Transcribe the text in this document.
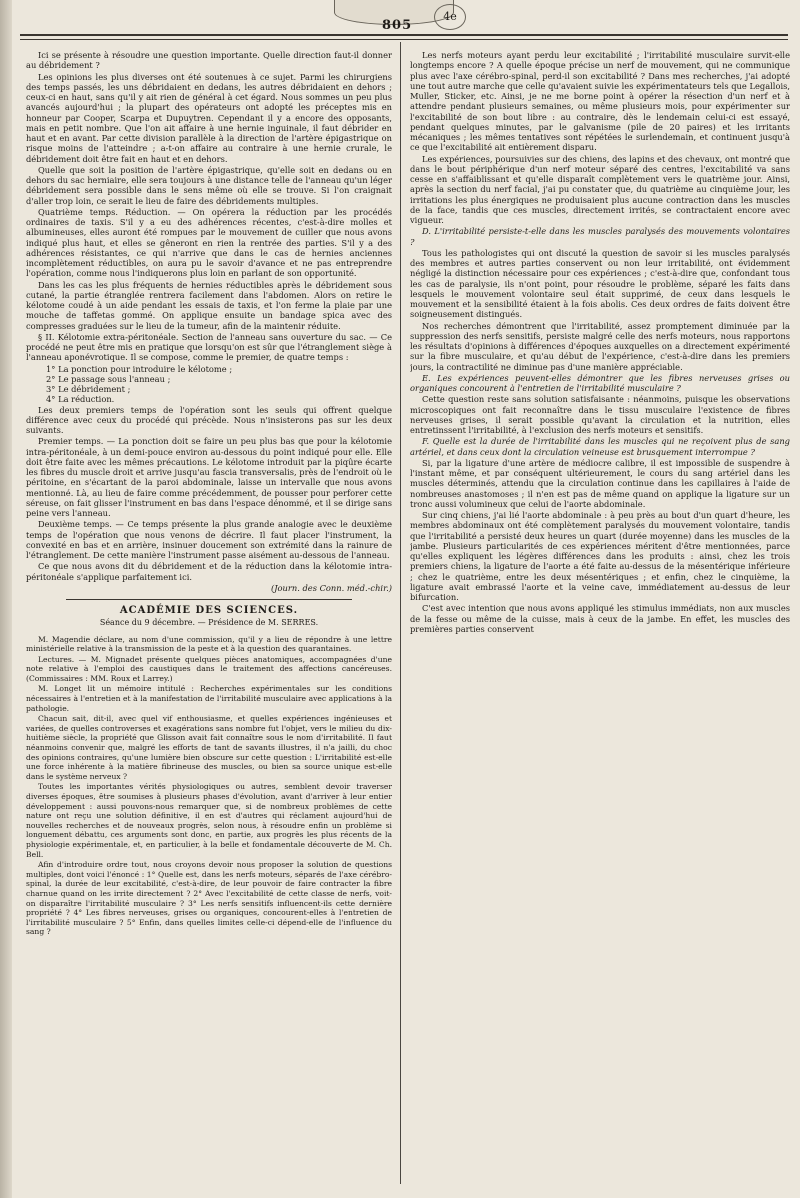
805
4e

Ici se présente à résoudre une question importante. Quelle direction faut-il donner au débridement ?

Les opinions les plus diverses ont été soutenues à ce sujet. Parmi les chirurgiens des temps passés, les uns débridaient en dedans, les autres débridaient en dehors ; ceux-ci en haut, sans qu'il y ait rien de général à cet égard. Nous sommes un peu plus avancés aujourd'hui ; la plupart des opérateurs ont adopté les préceptes mis en honneur par Cooper, Scarpa et Dupuytren. Cependant il y a encore des opposants, mais en petit nombre. Que l'on ait affaire à une hernie inguinale, il faut débrider en haut et en avant. Par cette division parallèle à la direction de l'artère épigastrique on risque moins de l'atteindre ; a-t-on affaire au contraire à une hernie crurale, le débridement doit être fait en haut et en dehors.

Quelle que soit la position de l'artère épigastrique, qu'elle soit en dedans ou en dehors du sac herniaire, elle sera toujours à une distance telle de l'anneau qu'un léger débridement sera possible dans le sens même où elle se trouve. Si l'on craignait d'aller trop loin, ce serait le lieu de faire des débridements multiples.

Quatrième temps. Réduction. — On opérera la réduction par les procédés ordinaires de taxis. S'il y a eu des adhérences récentes, c'est-à-dire molles et albumineuses, elles auront été rompues par le mouvement de cuiller que nous avons indiqué plus haut, et elles se gêneront en rien la rentrée des parties. S'il y a des adhérences résistantes, ce qui n'arrive que dans le cas de hernies anciennes incomplètement réductibles, on aura pu le savoir d'avance et ne pas entreprendre l'opération, comme nous l'indiquerons plus loin en parlant de son opportunité.

Dans les cas les plus fréquents de hernies réductibles après le débridement sous cutané, la partie étranglée rentrera facilement dans l'abdomen. Alors on retire le kélotome coudé à un aide pendant les essais de taxis, et l'on ferme la plaie par une mouche de taffetas gommé. On applique ensuite un bandage spica avec des compresses graduées sur le lieu de la tumeur, afin de la maintenir réduite.

§ II. Kélotomie extra-péritonéale. Section de l'anneau sans ouverture du sac. — Ce procédé ne peut être mis en pratique que lorsqu'on est sûr que l'étranglement siège à l'anneau aponévrotique. Il se compose, comme le premier, de quatre temps :

1° La ponction pour introduire le kélotome ;

2° Le passage sous l'anneau ;

3° Le débridement ;

4° La réduction.

Les deux premiers temps de l'opération sont les seuls qui offrent quelque différence avec ceux du procédé qui précède. Nous n'insisterons pas sur les deux suivants.

Premier temps. — La ponction doit se faire un peu plus bas que pour la kélotomie intra-péritonéale, à un demi-pouce environ au-dessous du point indiqué pour elle. Elle doit être faite avec les mêmes précautions. Le kélotome introduit par la piqûre écarte les fibres du muscle droit et arrive jusqu'au fascia transversalis, près de l'endroit où le péritoine, en s'écartant de la paroi abdominale, laisse un intervalle que nous avons mentionné. Là, au lieu de faire comme précédemment, de pousser pour perforer cette séreuse, on fait glisser l'instrument en bas dans l'espace dénommé, et il se dirige sans peine vers l'anneau.

Deuxième temps. — Ce temps présente la plus grande analogie avec le deuxième temps de l'opération que nous venons de décrire. Il faut placer l'instrument, la convexité en bas et en arrière, insinuer doucement son extrémité dans la rainure de l'étranglement. De cette manière l'instrument passe aisément au-dessous de l'anneau.

Ce que nous avons dit du débridement et de la réduction dans la kélotomie intra-péritonéale s'applique parfaitement ici.

(Journ. des Conn. méd.-chir.)

ACADÉMIE DES SCIENCES.
Séance du 9 décembre. — Présidence de M. SERRES.

M. Magendie déclare, au nom d'une commission, qu'il y a lieu de répondre à une lettre ministérielle relative à la transmission de la peste et à la question des quarantaines.

Lectures. — M. Mignadet présente quelques pièces anatomiques, accompagnées d'une note relative à l'emploi des caustiques dans le traitement des affections cancéreuses. (Commissaires : MM. Roux et Larrey.)

M. Longet lit un mémoire intitulé : Recherches expérimentales sur les conditions nécessaires à l'entretien et à la manifestation de l'irritabilité musculaire avec applications à la pathologie.

Chacun sait, dit-il, avec quel vif enthousiasme, et quelles expériences ingénieuses et variées, de quelles controverses et exagérations sans nombre fut l'objet, vers le milieu du dix-huitième siècle, la propriété que Glisson avait fait connaître sous le nom d'irritabilité. Il faut néanmoins convenir que, malgré les efforts de tant de savants illustres, il n'a jailli, du choc des opinions contraires, qu'une lumière bien obscure sur cette question : L'irritabilité est-elle une force inhérente à la matière fibrineuse des muscles, ou bien sa source unique est-elle dans le système nerveux ?

Toutes les importantes vérités physiologiques ou autres, semblent devoir traverser diverses époques, être soumises à plusieurs phases d'évolution, avant d'arriver à leur entier développement : aussi pouvons-nous remarquer que, si de nombreux problèmes de cette nature ont reçu une solution définitive, il en est d'autres qui réclament aujourd'hui de nouvelles recherches et de nouveaux progrès, selon nous, à résoudre enfin un problème si longuement débattu, ces arguments sont donc, en partie, aux progrès les plus récents de la physiologie expérimentale, et, en particulier, à la belle et fondamentale découverte de M. Ch. Bell.

Afin d'introduire ordre tout, nous croyons devoir nous proposer la solution de questions multiples, dont voici l'énoncé : 1° Quelle est, dans les nerfs moteurs, séparés de l'axe cérébro-spinal, la durée de leur excitabilité, c'est-à-dire, de leur pouvoir de faire contracter la fibre charnue quand on les irrite directement ? 2° Avec l'excitabilité de cette classe de nerfs, voit-on disparaître l'irritabilité musculaire ? 3° Les nerfs sensitifs influencent-ils cette dernière propriété ? 4° Les fibres nerveuses, grises ou organiques, concourent-elles à l'entretien de l'irritabilité musculaire ? 5° Enfin, dans quelles limites celle-ci dépend-elle de l'influence du sang ?

Les nerfs moteurs ayant perdu leur excitabilité ; l'irritabilité musculaire survit-elle longtemps encore ? A quelle époque précise un nerf de mouvement, qui ne communique plus avec l'axe cérébro-spinal, perd-il son excitabilité ? Dans mes recherches, j'ai adopté une tout autre marche que celle qu'avaient suivie les expérimentateurs tels que Legallois, Muller, Sticker, etc. Ainsi, je ne me borne point à opérer la résection d'un nerf et à attendre pendant plusieurs semaines, ou même plusieurs mois, pour expérimenter sur l'excitabilité de son bout libre : au contraire, dès le lendemain celui-ci est essayé, pendant quelques minutes, par le galvanisme (pile de 20 paires) et les irritants mécaniques ; les mêmes tentatives sont répétées le surlendemain, et continuent jusqu'à ce que l'excitabilité ait entièrement disparu.

Les expériences, poursuivies sur des chiens, des lapins et des chevaux, ont montré que dans le bout périphérique d'un nerf moteur séparé des centres, l'excitabilité va sans cesse en s'affaiblissant et qu'elle disparaît complètement vers le quatrième jour. Ainsi, après la section du nerf facial, j'ai pu constater que, du quatrième au cinquième jour, les irritations les plus énergiques ne produisaient plus aucune contraction dans les muscles de la face, tandis que ces muscles, directement irrités, se contractaient encore avec vigueur.

D. L'irritabilité persiste-t-elle dans les muscles paralysés des mouvements volontaires ?

Tous les pathologistes qui ont discuté la question de savoir si les muscles paralysés des membres et autres parties conservent ou non leur irritabilité, ont évidemment négligé la distinction nécessaire pour ces expériences ; c'est-à-dire que, confondant tous les cas de paralysie, ils n'ont point, pour résoudre le problème, séparé les faits dans lesquels le mouvement volontaire seul était supprimé, de ceux dans lesquels le mouvement et la sensibilité étaient à la fois abolis. Ces deux ordres de faits doivent être soigneusement distingués.

Nos recherches démontrent que l'irritabilité, assez promptement diminuée par la suppression des nerfs sensitifs, persiste malgré celle des nerfs moteurs, nous rapportons les résultats d'opinions à différences d'époques auxquelles on a directement expérimenté sur la fibre musculaire, et qu'au début de l'expérience, c'est-à-dire dans les premiers jours, la contractilité ne diminue pas d'une manière appréciable.

E. Les expériences peuvent-elles démontrer que les fibres nerveuses grises ou organiques concourent à l'entretien de l'irritabilité musculaire ?

Cette question reste sans solution satisfaisante : néanmoins, puisque les observations microscopiques ont fait reconnaître dans le tissu musculaire l'existence de fibres nerveuses grises, il serait possible qu'avant la circulation et la nutrition, elles entretinssent l'irritabilité, à l'exclusion des nerfs moteurs et sensitifs.

F. Quelle est la durée de l'irritabilité dans les muscles qui ne reçoivent plus de sang artériel, et dans ceux dont la circulation veineuse est brusquement interrompue ?

Si, par la ligature d'une artère de médiocre calibre, il est impossible de suspendre à l'instant même, et par conséquent ultérieurement, le cours du sang artériel dans les muscles déterminés, attendu que la circulation continue dans les capillaires à l'aide de nombreuses anastomoses ; il n'en est pas de même quand on applique la ligature sur un tronc aussi volumineux que celui de l'aorte abdominale.

Sur cinq chiens, j'ai lié l'aorte abdominale : à peu près au bout d'un quart d'heure, les membres abdominaux ont été complètement paralysés du mouvement volontaire, tandis que l'irritabilité a persisté deux heures un quart (durée moyenne) dans les muscles de la jambe. Plusieurs particularités de ces expériences méritent d'être mentionnées, parce qu'elles expliquent les légères différences dans les produits : ainsi, chez les trois premiers chiens, la ligature de l'aorte a été faite au-dessus de la mésentérique inférieure ; chez le quatrième, entre les deux mésentériques ; et enfin, chez le cinquième, la ligature avait embrassé l'aorte et la veine cave, immédiatement au-dessus de leur bifurcation.

C'est avec intention que nous avons appliqué les stimulus immédiats, non aux muscles de la fesse ou même de la cuisse, mais à ceux de la jambe. En effet, les muscles des premières parties conservent
